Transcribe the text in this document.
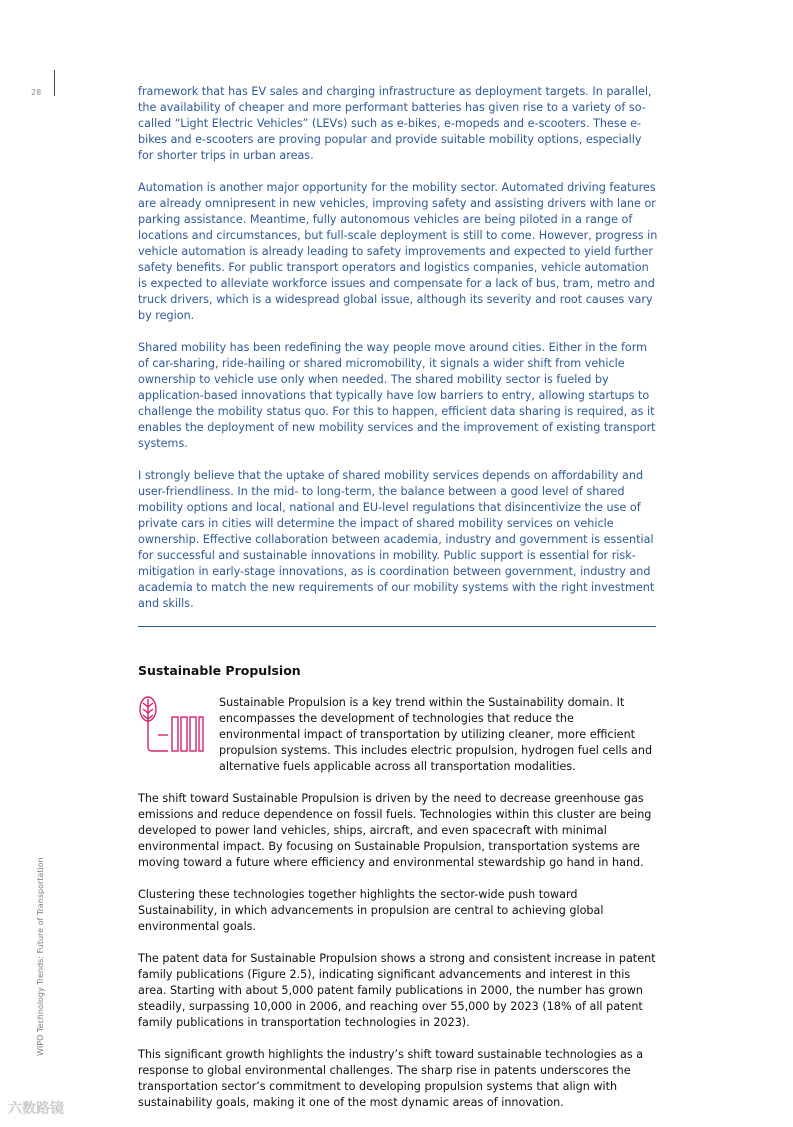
28
WIPO Technology Trends: Future of Transportation

framework that has EV sales and charging infrastructure as deployment targets. In parallel, the availability of cheaper and more performant batteries has given rise to a variety of so-called “Light Electric Vehicles” (LEVs) such as e-bikes, e-mopeds and e-scooters. These e-bikes and e-scooters are proving popular and provide suitable mobility options, especially for shorter trips in urban areas.

Automation is another major opportunity for the mobility sector. Automated driving features are already omnipresent in new vehicles, improving safety and assisting drivers with lane or parking assistance. Meantime, fully autonomous vehicles are being piloted in a range of locations and circumstances, but full-scale deployment is still to come. However, progress in vehicle automation is already leading to safety improvements and expected to yield further safety benefits. For public transport operators and logistics companies, vehicle automation is expected to alleviate workforce issues and compensate for a lack of bus, tram, metro and truck drivers, which is a widespread global issue, although its severity and root causes vary by region.

Shared mobility has been redefining the way people move around cities. Either in the form of car-sharing, ride-hailing or shared micromobility, it signals a wider shift from vehicle ownership to vehicle use only when needed. The shared mobility sector is fueled by application-based innovations that typically have low barriers to entry, allowing startups to challenge the mobility status quo. For this to happen, efficient data sharing is required, as it enables the deployment of new mobility services and the improvement of existing transport systems.

I strongly believe that the uptake of shared mobility services depends on affordability and user-friendliness. In the mid- to long-term, the balance between a good level of shared mobility options and local, national and EU-level regulations that disincentivize the use of private cars in cities will determine the impact of shared mobility services on vehicle ownership. Effective collaboration between academia, industry and government is essential for successful and sustainable innovations in mobility. Public support is essential for risk-mitigation in early-stage innovations, as is coordination between government, industry and academia to match the new requirements of our mobility systems with the right investment and skills.

Sustainable Propulsion

Sustainable Propulsion is a key trend within the Sustainability domain. It encompasses the development of technologies that reduce the environmental impact of transportation by utilizing cleaner, more efficient propulsion systems. This includes electric propulsion, hydrogen fuel cells and alternative fuels applicable across all transportation modalities.

The shift toward Sustainable Propulsion is driven by the need to decrease greenhouse gas emissions and reduce dependence on fossil fuels. Technologies within this cluster are being developed to power land vehicles, ships, aircraft, and even spacecraft with minimal environmental impact. By focusing on Sustainable Propulsion, transportation systems are moving toward a future where efficiency and environmental stewardship go hand in hand.

Clustering these technologies together highlights the sector-wide push toward Sustainability, in which advancements in propulsion are central to achieving global environmental goals.

The patent data for Sustainable Propulsion shows a strong and consistent increase in patent family publications (Figure 2.5), indicating significant advancements and interest in this area. Starting with about 5,000 patent family publications in 2000, the number has grown steadily, surpassing 10,000 in 2006, and reaching over 55,000 by 2023 (18% of all patent family publications in transportation technologies in 2023).

This significant growth highlights the industry’s shift toward sustainable technologies as a response to global environmental challenges. The sharp rise in patents underscores the transportation sector’s commitment to developing propulsion systems that align with sustainability goals, making it one of the most dynamic areas of innovation.

六数路镜
